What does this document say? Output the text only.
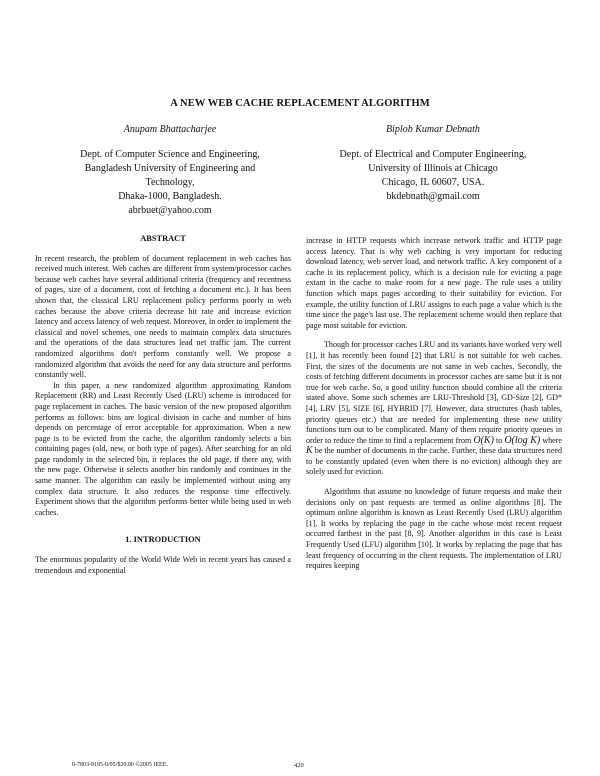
A NEW WEB CACHE REPLACEMENT ALGORITHM
Anupam Bhattacharjee
Dept. of Computer Science and Engineering,
Bangladesh University of Engineering and
Technology,
Dhaka-1000, Bangladesh.
abrbuet@yahoo.com
Biplob Kumar Debnath
Dept. of Electrical and Computer Engineering,
University of Illinois at Chicago
Chicago, IL 60607, USA.
bkdebnath@gmail.com
ABSTRACT

In recent research, the problem of document replacement in web caches has received much interest. Web caches are different from system/processor caches because web caches have several additional criteria (frequency and recentness of pages, size of a document, cost of fetching a document etc.). It has been shown that, the classical LRU replacement policy performs poorly in web caches because the above criteria decrease hit rate and increase eviction latency and access latency of web request. Moreover, in order to implement the classical and novel schemes, one needs to maintain complex data structures and the operations of the data structures lead net traffic jam. The current randomized algorithms don't perform constantly well. We propose a randomized algorithm that avoids the need for any data structure and performs constantly well.

In this paper, a new randomized algorithm approximating Random Replacement (RR) and Least Recently Used (LRU) scheme is introduced for page replacement in caches. The basic version of the new proposed algorithm performs as follows: bins are logical division in cache and number of bins depends on percentage of error acceptable for approximation. When a new page is to be evicted from the cache, the algorithm randomly selects a bin containing pages (old, new, or both type of pages). After searching for an old page randomly in the selected bin, it replaces the old page, if there any, with the new page. Otherwise it selects another bin randomly and continues in the same manner. The algorithm can easily be implemented without using any complex data structure. It also reduces the response time effectively. Experiment shows that the algorithm performs better while being used in web caches.

1. INTRODUCTION

The enormous popularity of the World Wide Web in recent years has caused a tremendous and exponential

increase in HTTP requests which increase network traffic and HTTP page access latency. That is why web caching is very important for reducing download latency, web server load, and network traffic. A key component of a cache is its replacement policy, which is a decision rule for evicting a page extant in the cache to make room for a new page. The rule uses a utility function which maps pages according to their suitability for eviction. For example, the utility function of LRU assigns to each page a value which is the time since the page's last use. The replacement scheme would then replace that page most suitable for eviction.

Though for processor caches LRU and its variants have worked very well [1], it has recently been found [2] that LRU is not suitable for web caches. First, the sizes of the documents are not same in web caches. Secondly, the costs of fetching different documents in processor caches are same but it is not true for web cache. So, a good utility function should combine all the criteria stated above. Some such schemes are LRU-Threshold [3], GD-Size [2], GD*[4], LRV [5], SIZE [6], HYBRID [7]. However, data structures (hash tables, priority queues etc.) that are needed for implementing these new utility functions turn out to be complicated. Many of them require priority queues in order to reduce the time to find a replacement from O(K) to O(log K) where K be the number of documents in the cache. Further, these data structures need to be constantly updated (even when there is no eviction) although they are solely used for eviction.

Algorithms that assume no knowledge of future requests and make their decisions only on past requests are termed as online algorithms [8]. The optimum online algorithm is known as Least Recently Used (LRU) algorithm [1]. It works by replacing the page in the cache whose most recent request occurred farthest in the past [8, 9]. Another algorithm in this case is Least Frequently Used (LFU) algorithm [10]. It works by replacing the page that has least frequency of occurring in the client requests. The implementation of LRU requires keeping

0-7803-9195-0/05/$20.00 ©2005 IEEE.	420
